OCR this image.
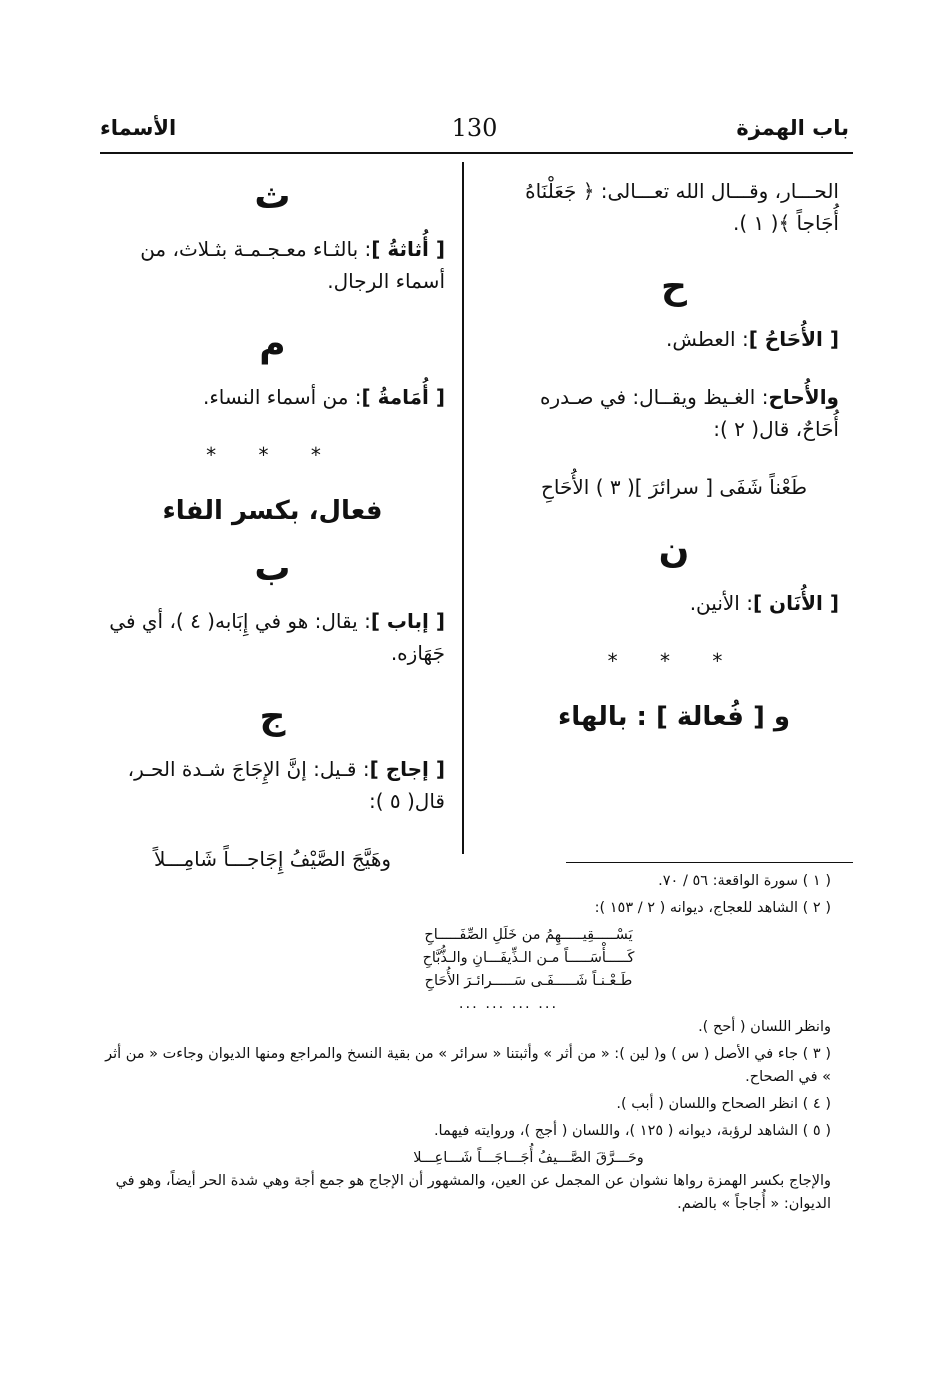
باب الهمزة
130
الأسماء

الحـــار، وقـــال الله تعـــالى: ﴿ جَعَلْنَاهُ أُجَاجاً ﴾( ١ ).

ح

[ الأُحَاحُ ]: العطش.

والأُحاح: الغـيظ ويقــال: في صـدره أُحَاحٌ، قال( ٢ ):

طَعْناً شَفَى [ سرائرَ ]( ٣ ) الأُحَاحِ

ن

[ الأُنَان ]: الأنين.

* * *
و [ فُعالة ] : بالهاء
ث

[ أُثاثةُ ]: بالثـاء معـجـمـة بثـلاث، من أسماء الرجال.

م

[ أُمَامةُ ]: من أسماء النساء.

* * *
فعال، بكسر الفاء
ب

[ إباب ]: يقال: هو في إِبَابه( ٤ )، أي في جَهَازه.

ج

[ إجاج ]: قـيل: إنَّ الإِجَاجَ شـدة الحـر، قال( ٥ ):

وهَيَّجَ الصَّيْفُ إِجَاجـــاً شَامِـــلاً

( ١ ) سورة الواقعة: ٥٦ / ٧٠.

( ٢ ) الشاهد للعجاج، ديوانه ( ٢ / ١٥٣ ):

يَسْـــــقِيـــــهِمُ من خَلَلِ الصِّفَـــــاحِ

كَـــــأْسَـــــاً مـن الـذِّيفَـــانِ والـذُّبَّاحِ

طَـعْـنـاً شَـــــفَـى سَـــــرائـرَ الأُحَاحِ

... ... ... ...

وانظر اللسان ( أحح ).

( ٣ ) جاء في الأصل ( س ) و( لين ): « من أثر » وأثبتنا « سرائر » من بقية النسخ والمراجع ومنها الديوان وجاءت « من أثر » في الصحاح.

( ٤ ) انظر الصحاح واللسان ( أبب ).

( ٥ ) الشاهد لرؤبة، ديوانه ( ١٢٥ )، واللسان ( أجج )، وروايته فيهما.

وحَـــرَّقَ الصَّـــيفُ أُجَـــاجَـــاً شَـــاعِـــلا

والإجاج بكسر الهمزة رواها نشوان عن المجمل عن العين، والمشهور أن الإجاج هو جمع أجة وهي شدة الحر أيضاً، وهو في الديوان: « أُجاجاً » بالضم.
